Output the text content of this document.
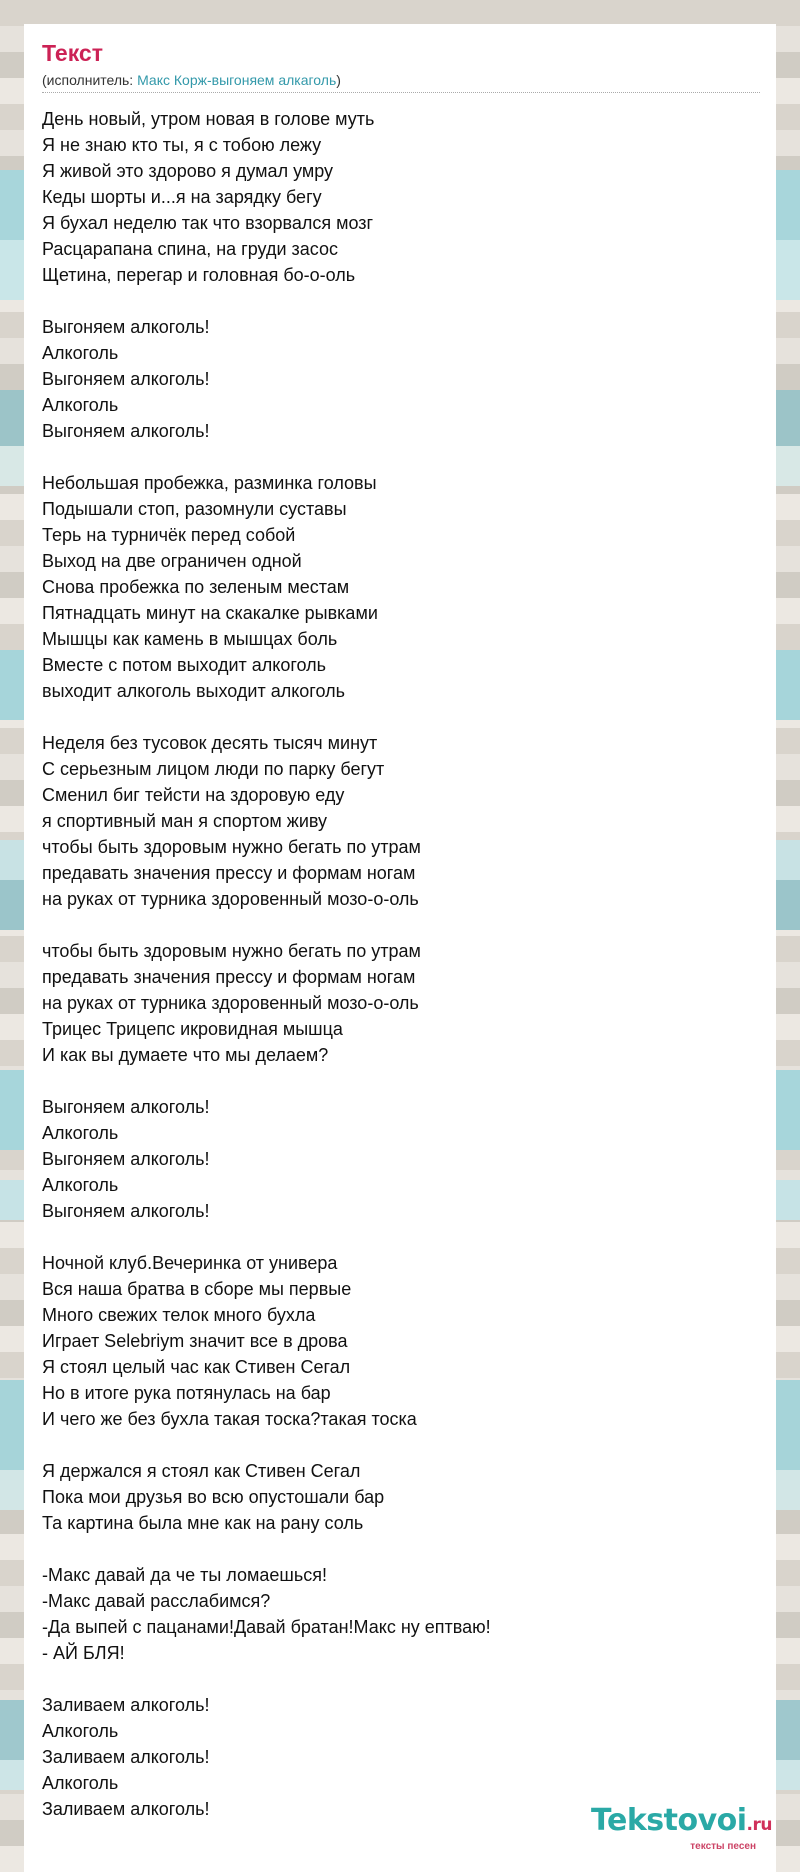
Текст
(исполнитель: Макс Корж-выгоняем алкаголь)
День новый, утром новая в голове муть
Я не знаю кто ты, я с тобою лежу
Я живой это здорово я думал умру
Кеды шорты и...я на зарядку бегу
Я бухал неделю так что взорвался мозг
Расцарапана спина, на груди засос
Щетина, перегар и головная бо-о-оль
Выгоняем алкоголь!
Алкоголь
Выгоняем алкоголь!
Алкоголь
Выгоняем алкоголь!
Небольшая пробежка, разминка головы
Подышали стоп, разомнули суставы
Терь на турничёк перед собой
Выход на две ограничен одной
Снова пробежка по зеленым местам
Пятнадцать минут на скакалке рывками
Мышцы как камень в мышцах боль
Вместе с потом выходит алкоголь
выходит алкоголь выходит алкоголь
Неделя без тусовок десять тысяч минут
С серьезным лицом люди по парку бегут
Сменил биг тейсти на здоровую еду
я спортивный ман я спортом живу
чтобы быть здоровым нужно бегать по утрам
предавать значения прессу и формам ногам
на руках от турника здоровенный мозо-о-оль
чтобы быть здоровым нужно бегать по утрам
предавать значения прессу и формам ногам
на руках от турника здоровенный мозо-о-оль
Трицес Трицепс икровидная мышца
И как вы думаете что мы делаем?
Выгоняем алкоголь!
Алкоголь
Выгоняем алкоголь!
Алкоголь
Выгоняем алкоголь!
Ночной клуб.Вечеринка от универа
Вся наша братва в сборе мы первые
Много свежих телок много бухла
Играет Selebriym значит все в дрова
Я стоял целый час как Стивен Сегал
Но в итоге рука потянулась на бар
И чего же без бухла такая тоска?такая тоска
Я держался я стоял как Стивен Сегал
Пока мои друзья во всю опустошали бар
Та картина была мне как на рану соль
-Макс давай да че ты ломаешься!
-Макс давай расслабимся?
-Да выпей с пацанами!Давай братан!Макс ну ептваю!
- АЙ БЛЯ!
Заливаем алкоголь!
Алкоголь
Заливаем алкоголь!
Алкоголь
Заливаем алкоголь!	Tekstovoi.ru
тексты песен
